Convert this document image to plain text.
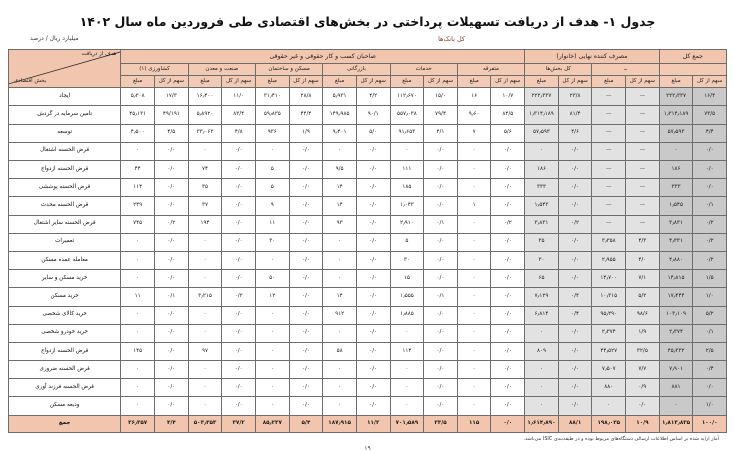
جدول ۱- هدف از دریافت تسهیلات پرداختی در بخش‌های اقتصادی طی فروردین ماه سال ۱۴۰۲
میلیارد ریال / درصد	کل بانک‌ها
جمع کل		مصرف کننده نهایی (خانوار)				صاحبان کسب و کار حقوقی و غیر حقوقی												هدف از دریافت
بخش اقتصادی

		ــ		کل بخش‌ها		متفرقه		خدمات		بازرگانی		مسکن و ساختمان		صنعت و معدن		کشاورزی (۱)		
سهم از کل	مبلغ	سهم از کل	مبلغ	سهم از کل	مبلغ	سهم از کل	مبلغ	سهم از کل	مبلغ	سهم از کل	مبلغ	سهم از کل	مبلغ	سهم از کل	مبلغ	سهم از کل	مبلغ	
۱۶/۴	۲۲۲٫۳۳۷	—	—	۲۳/۸	۲۲۲٫۳۳۷	۱۰/۷	۱۶	۱۵/۰	۱۱۲٫۶۷۰	۴/۲	۵٫۹۳۱	۲۸/۸	۳۱٫۴۱۰	۱۱/۰	۱۶٫۴۰۰	۱۷/۳	۵٫۳۰۸	ایجاد
۷۳/۵	۱٫۳۱۴٫۱۸۹	—	—	۸۱/۴	۱٫۳۱۴٫۱۸۹	۸۴/۵	۹٫۶۰	۷۹/۴	۵۵۷٫۰۳۸	۹۰/۱	۱۴۹٫۹۸۵	۴۴/۴	۵۹٫۸۳۵	۸۳/۴	۵٫۸۹۲۰	۴۹/۱۹۱	۴۵٫۱۳۱	تامین سرمایه در گردش
۴/۴	۵۷٫۵۹۳	—	—	۴/۶	۵۷٫۵۹۳	۵/۶	۷	۴/۱	۹۱٫۶۵۳	۵/۰	۹٫۴۰۱	۱/۹	۹۳۶	۴/۸	۳۳٫۰۶۳	۴/۵	۴٫۵۰۰	توسعه
۰/۰	۰	—	—	۰/۰	۰	۰/۰	۰	۰/۰	۰	۰/۰	۰	۰/۰	۰	۰/۰	۰	۰/۰	۰	قرض الحسنه اشتغال
۰/۰	۱۸۶	—	—	۰/۰	۱۸۶	۰/۰	۰	۰/۰	۱۱۱	۰/۰	۹/۵	۰/۰	۵	۰/۰	۷۴	۰/۰	۴۴	قرض الحسنه ازدواج
۰/۰	۳۳۳	—	—	۰/۰	۳۳۳	۰/۰	۰	۰/۰	۱۸۵	۰/۰	۱۴	۰/۰	۵	۰/۰	۳۵	۰/۰	۱۱۴	قرض الحسنه پوششی
۰/۱	۱٫۵۴۵	—	—	۰/۰	۱٫۵۴۳	۰/۰	۱	۰/۰	۱٫۰۴۳	۰/۰	۱۴	۰/۰	۹	۰/۰	۳۷	۰/۰	۲۴۹	قرض الحسنه محدث
۰/۲	۳٫۸۳۱	—	—	۰/۲	۳٫۸۳۱	۰/۲	۰	۰/۱	۲٫۹۱۰	۰/۰	۹۳	۰/۰	۱۱	۰/۰	۱۹۴	۰/۲	۷۴۵	قرض الحسنه سایر اشتغال
۰/۲	۴٫۳۳۱	۴/۳	۳٫۳۵۸	۰/۰	۳۵	۰/۰	۰	۰/۰	۵	۰/۰	۰	۰/۰	۳۰	۰/۰	۰	۰/۰	۰	تعمیرات
۰/۲	۴٫۸۸۰	۴/۰	۲٫۹۵۵	۰/۰	۳۰	۰/۰	۰	۰/۰	۳۰	۰/۰	۰	۰/۰	۰	۰/۰	۰	۰/۰	۰	معامله عمده مسکن
۱/۵	۱۴٫۸۱۵	۷/۱	۱۴٫۷۰۰	۰/۰	۶۵	۰/۰	۰	۰/۰	۱۵	۰/۰	۰	۰/۰	۵۰	۰/۰	۰	۰/۰	۰	خرید مسکن و سایر
۱/۰	۱۷٫۴۴۴	۵/۲	۱۰٫۳۱۵	۰/۴	۷٫۱۲۹	۰/۰	۰	۰/۱	۱٫۵۵۵	۰/۰	۱۴	۰/۰	۱۲	۰/۲	۳٫۲۱۵	۰/۱	۱۱	خرید مسکن
۵/۲	۱۰۳٫۱۰۹	۹۸/۶	۹۵٫۴۹۰	۰/۴	۶٫۸۱۴	۰/۰	۰	۰/۰	۱٫۸۸۵	۰/۰	۹۱۲	۰/۰	۰	۰/۰	۰	۰/۰	۰	خرید کالای شخصی
۰/۱	۲٫۳۷۴	۱/۹	۲٫۳۷۴	۰/۰	۰	۰/۰	۰	۰/۰	۰	۰/۰	۰	۰/۰	۰	۰/۰	۰	۰/۰	۰	خرید خودرو شخصی
۲/۵	۴۵٫۳۳۲	۳۲/۵	۴۴٫۵۲۷	۰/۰	۸۰۹	۰/۰	۰	۰/۰	۱۱۴	۰/۰	۵۸	۰/۰	۰	۰/۰	۹۷	۰/۰	۱۴۵	قرض الحسنه ازدواج
۰/۴	۷٫۹۰۱	۷/۷	۷٫۵۰۷	۰/۰	۰	۰/۰	۰	۰/۰	۰	۰/۰	۰	۰/۰	۰	۰/۰	۰	۰/۰	۰	قرض الحسنه ضروری
۰/۰	۸۸۱	۰/۹	۸۸۰	۰/۰	۰	۰/۰	۰	۰/۰	۰	۰/۰	۰	۰/۰	۰	۰/۰	۰	۰/۰	۰	قرض الحسنه فرزند آوری
۱/۰	۰	۰/۰	۰	۰/۰	۰	۰/۰	۰	۰/۰	۰	۰/۰	۰	۰/۰	۰	۰/۰	۰	۰/۰	۰	ودیعه مسکن
۱۰۰/۰	۱٫۸۱۳٫۸۳۵	۱۰/۹	۱۹۸٫۰۳۵	۸۸/۱	۱٫۶۱۴٫۸۹۰	۰/۰	۱۱۵	۳۳/۵	۷۰۱٫۵۸۹	۱۱/۲	۱۸۷٫۹۱۵	۵/۴	۸۵٫۲۳۷	۳۷/۲	۵۰۳٫۳۵۳	۴/۴	۳۶٫۳۵۷	جمع
آمار ارایه شده بر اساس اطلاعات ارسالی دستگاه‌های مربوط بوده و در طبقه‌بندی ISIC می‌باشد.
۱۹
